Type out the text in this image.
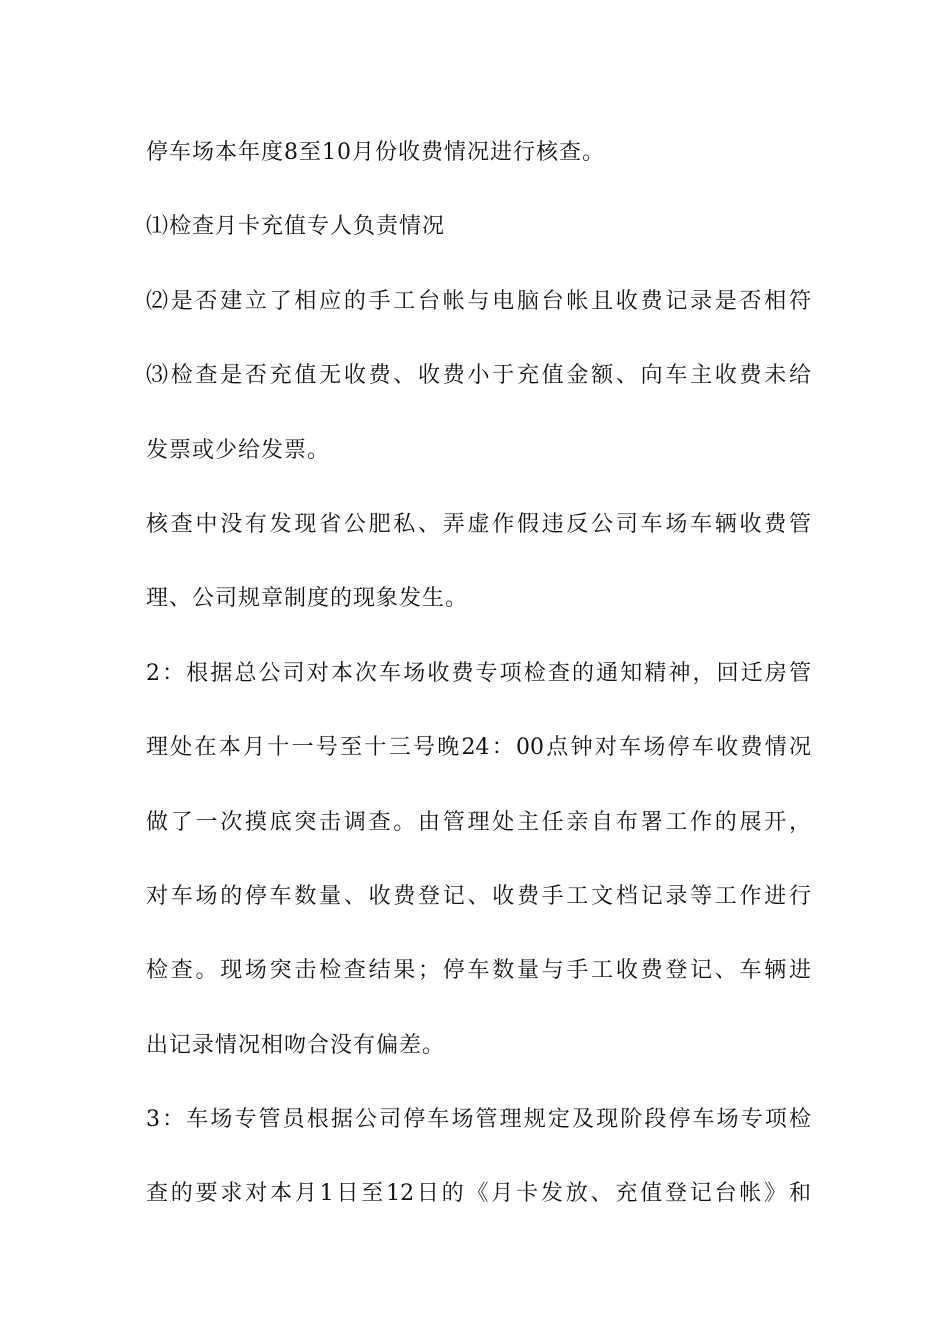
停车场本年度8至10月份收费情况进行核查。
⑴检查月卡充值专人负责情况
⑵是否建立了相应的手工台帐与电脑台帐且收费记录是否相符
⑶检查是否充值无收费、收费小于充值金额、向车主收费未给
发票或少给发票。
核查中没有发现省公肥私、弄虚作假违反公司车场车辆收费管
理、公司规章制度的现象发生。
2：根据总公司对本次车场收费专项检查的通知精神，回迁房管
理处在本月十一号至十三号晚24：00点钟对车场停车收费情况
做了一次摸底突击调查。由管理处主任亲自布署工作的展开，
对车场的停车数量、收费登记、收费手工文档记录等工作进行
检查。现场突击检查结果；停车数量与手工收费登记、车辆进
出记录情况相吻合没有偏差。
3：车场专管员根据公司停车场管理规定及现阶段停车场专项检
查的要求对本月1日至12日的《月卡发放、充值登记台帐》和
